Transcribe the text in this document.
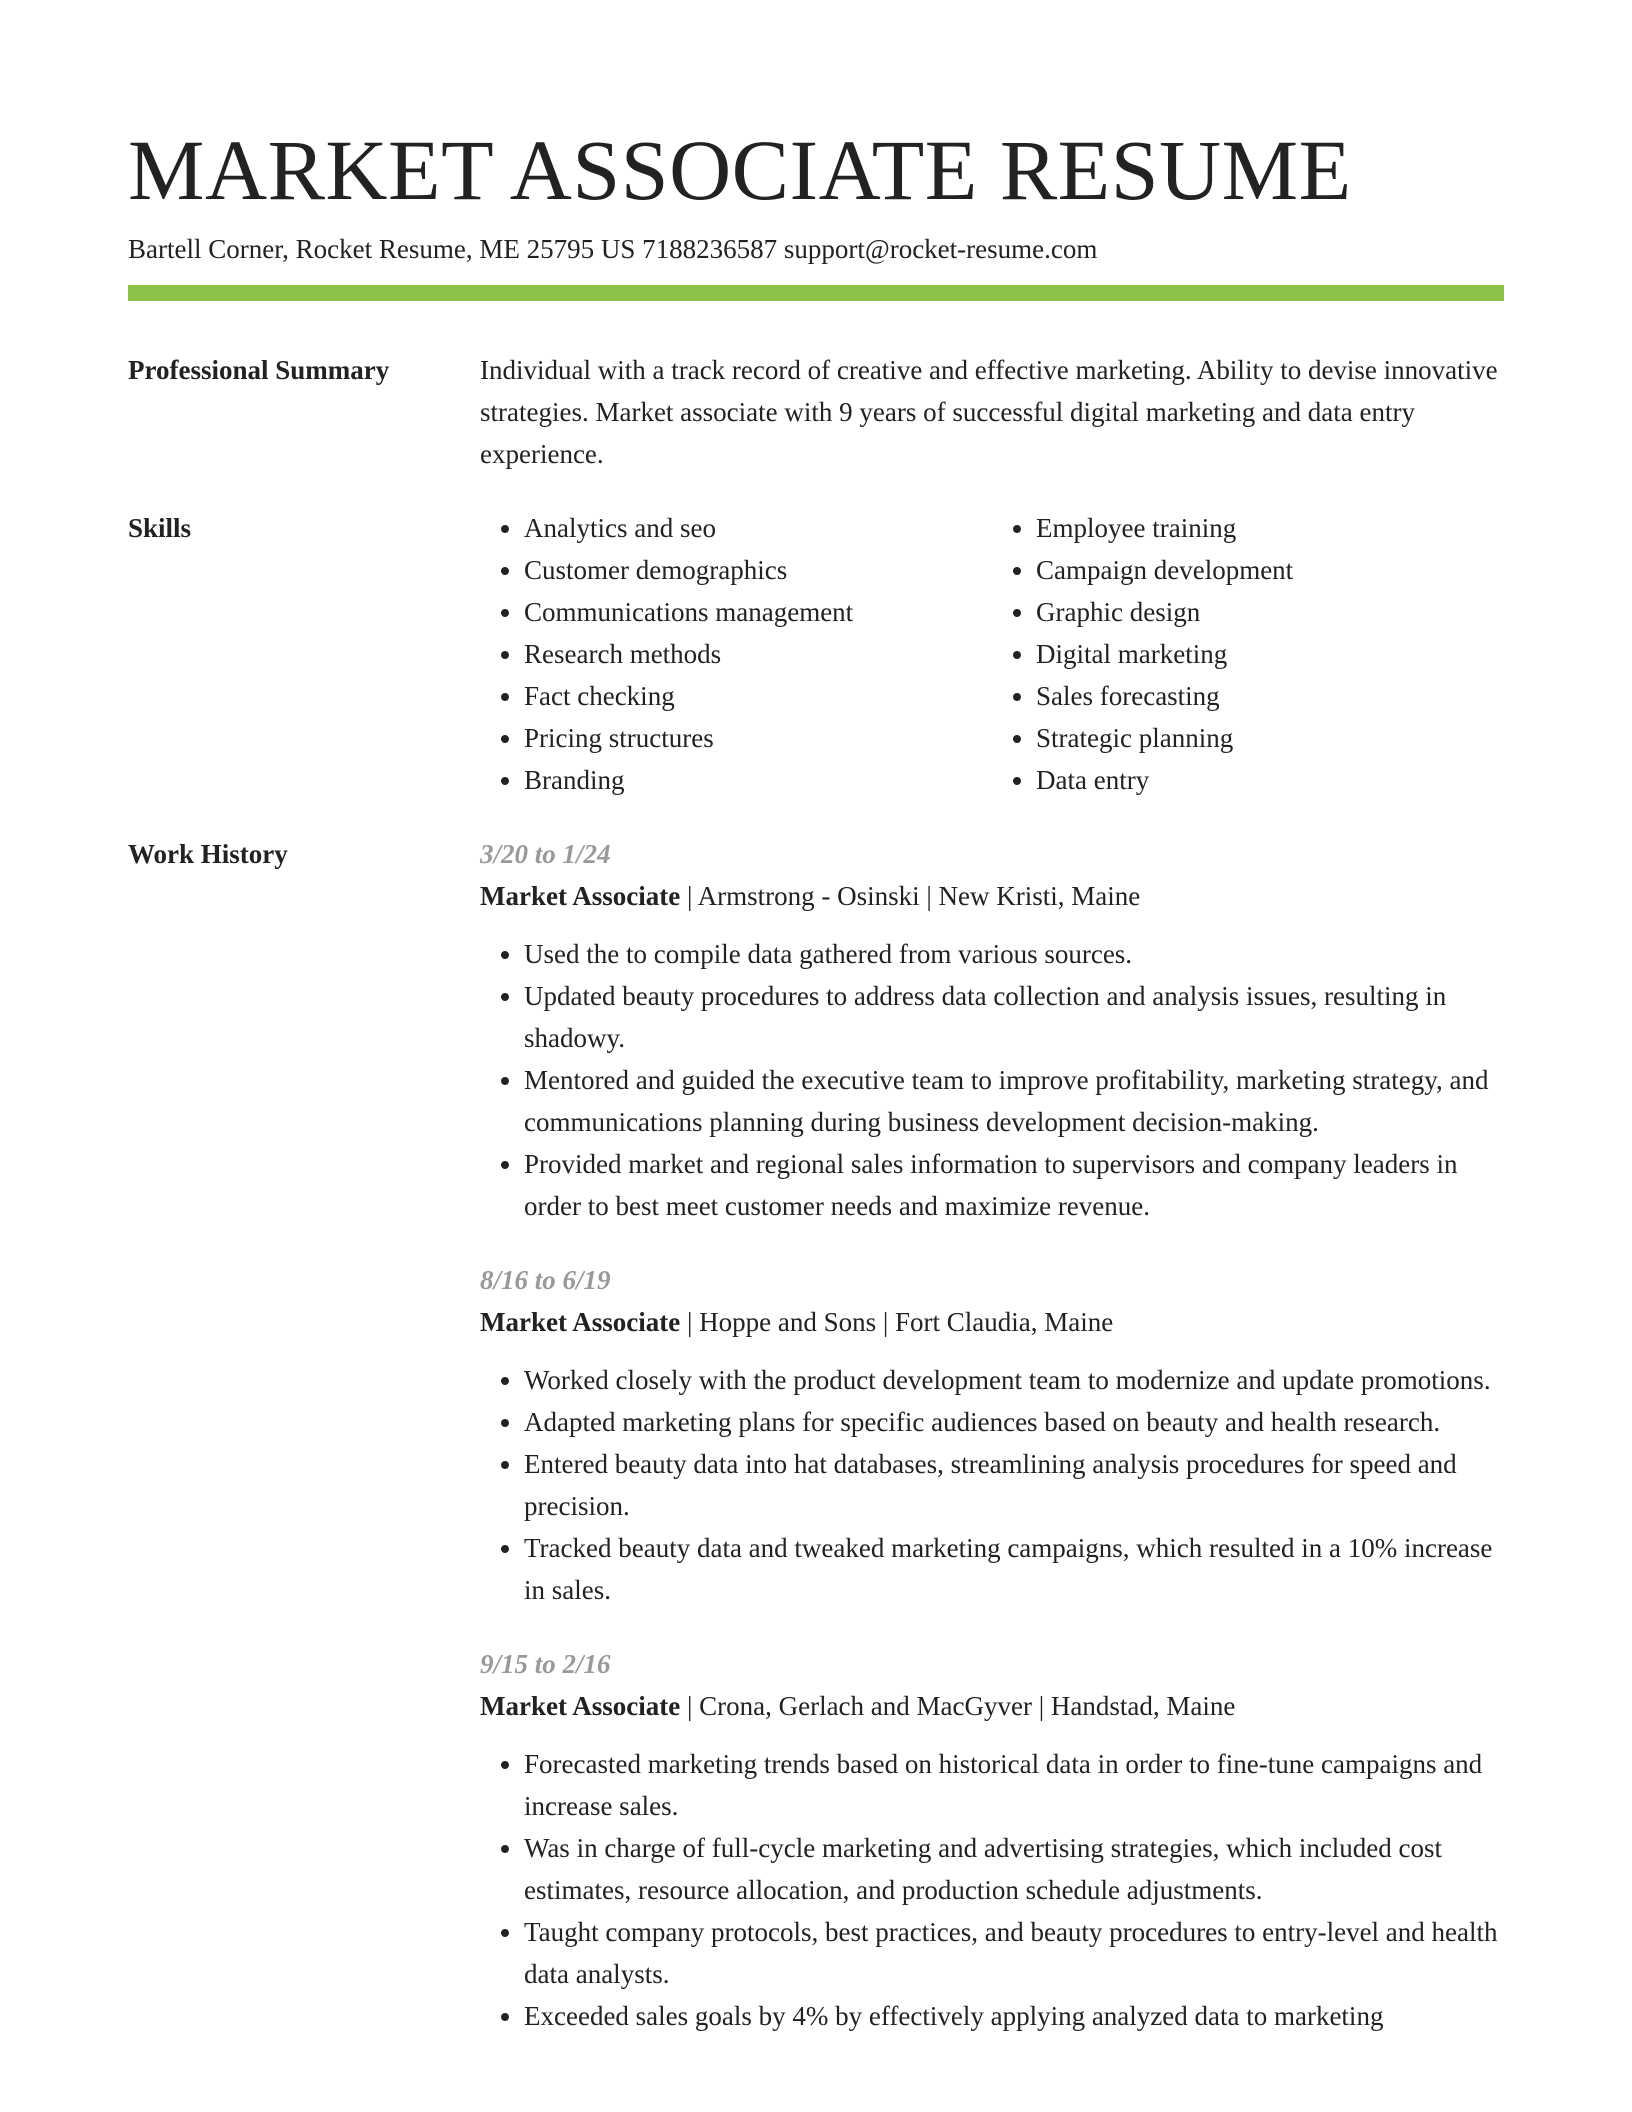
MARKET ASSOCIATE RESUME
Bartell Corner, Rocket Resume, ME 25795 US 7188236587 support@rocket-resume.com
Professional Summary	Individual with a track record of creative and effective marketing. Ability to devise innovative strategies. Market associate with 9 years of successful digital marketing and data entry experience.

Skills
•	Analytics and seo
• Customer demographics
• Communications management
• Research methods
• Fact checking
• Pricing structures
• Branding
• Employee training
• Campaign development
• Graphic design
• Digital marketing
• Sales forecasting
• Strategic planning
• Data entry
Work History	3/20 to 1/24
Market Associate | Armstrong - Osinski | New Kristi, Maine
• Used the to compile data gathered from various sources.
• Updated beauty procedures to address data collection and analysis issues, resulting in shadowy.
• Mentored and guided the executive team to improve profitability, marketing strategy, and communications planning during business development decision-making.
• Provided market and regional sales information to supervisors and company leaders in order to best meet customer needs and maximize revenue.
8/16 to 6/19
Market Associate | Hoppe and Sons | Fort Claudia, Maine
• Worked closely with the product development team to modernize and update promotions.
• Adapted marketing plans for specific audiences based on beauty and health research.
• Entered beauty data into hat databases, streamlining analysis procedures for speed and precision.
• Tracked beauty data and tweaked marketing campaigns, which resulted in a 10% increase in sales.
9/15 to 2/16
Market Associate | Crona, Gerlach and MacGyver | Handstad, Maine
• Forecasted marketing trends based on historical data in order to fine-tune campaigns and increase sales.
• Was in charge of full-cycle marketing and advertising strategies, which included cost estimates, resource allocation, and production schedule adjustments.
• Taught company protocols, best practices, and beauty procedures to entry-level and health data analysts.
• Exceeded sales goals by 4% by effectively applying analyzed data to marketing
